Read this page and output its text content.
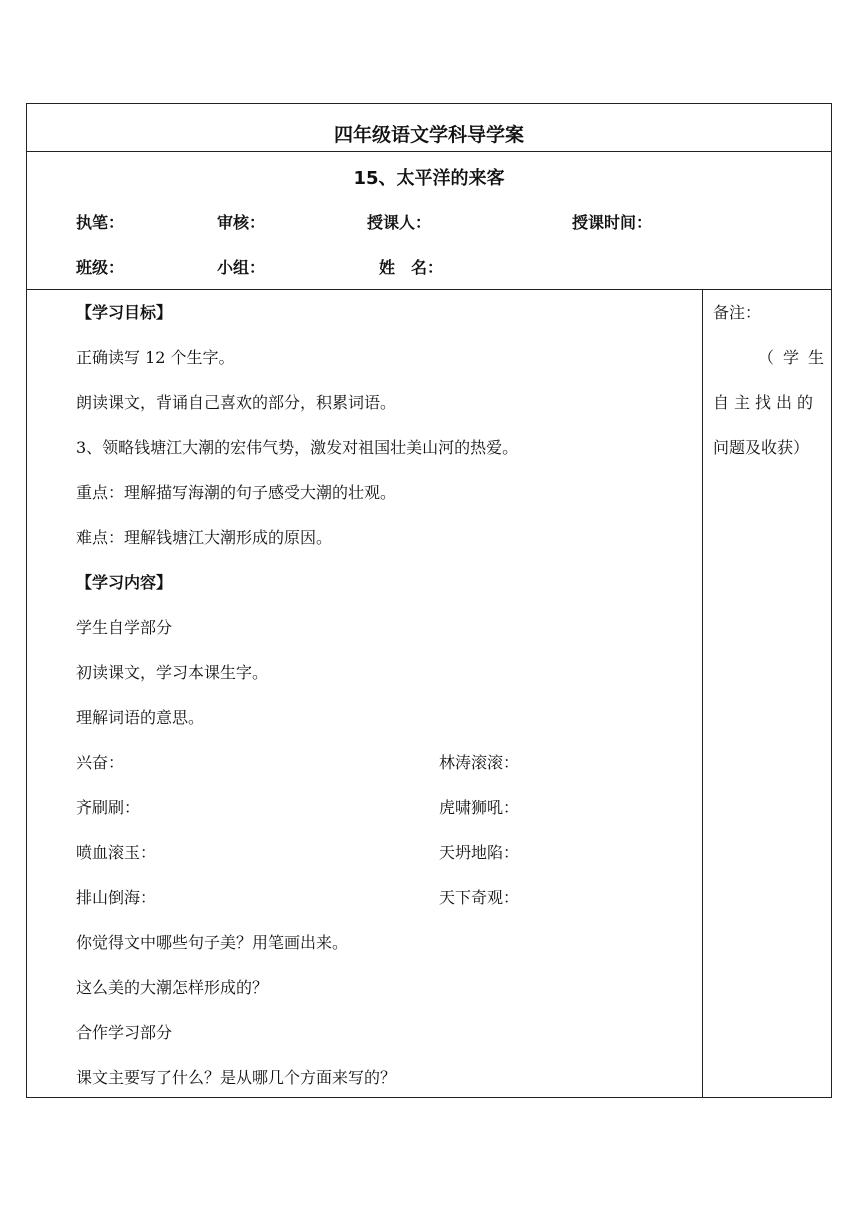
四年级语文学科导学案
15、太平洋的来客
执笔：	审核：	授课人：	授课时间：
班级：	小组：	姓　名：
【学习目标】
正确读写 12 个生字。
朗读课文，背诵自己喜欢的部分，积累词语。
3、领略钱塘江大潮的宏伟气势，激发对祖国壮美山河的热爱。
重点：理解描写海潮的句子感受大潮的壮观。
难点：理解钱塘江大潮形成的原因。
【学习内容】
学生自学部分
初读课文，学习本课生字。
理解词语的意思。
兴奋：	林涛滚滚：
齐刷刷：	虎啸狮吼：
喷血滚玉：	天坍地陷：
排山倒海：	天下奇观：
你觉得文中哪些句子美？用笔画出来。
这么美的大潮怎样形成的？
合作学习部分
课文主要写了什么？是从哪几个方面来写的？
备注：
（学生
自主找出的
问题及收获）
